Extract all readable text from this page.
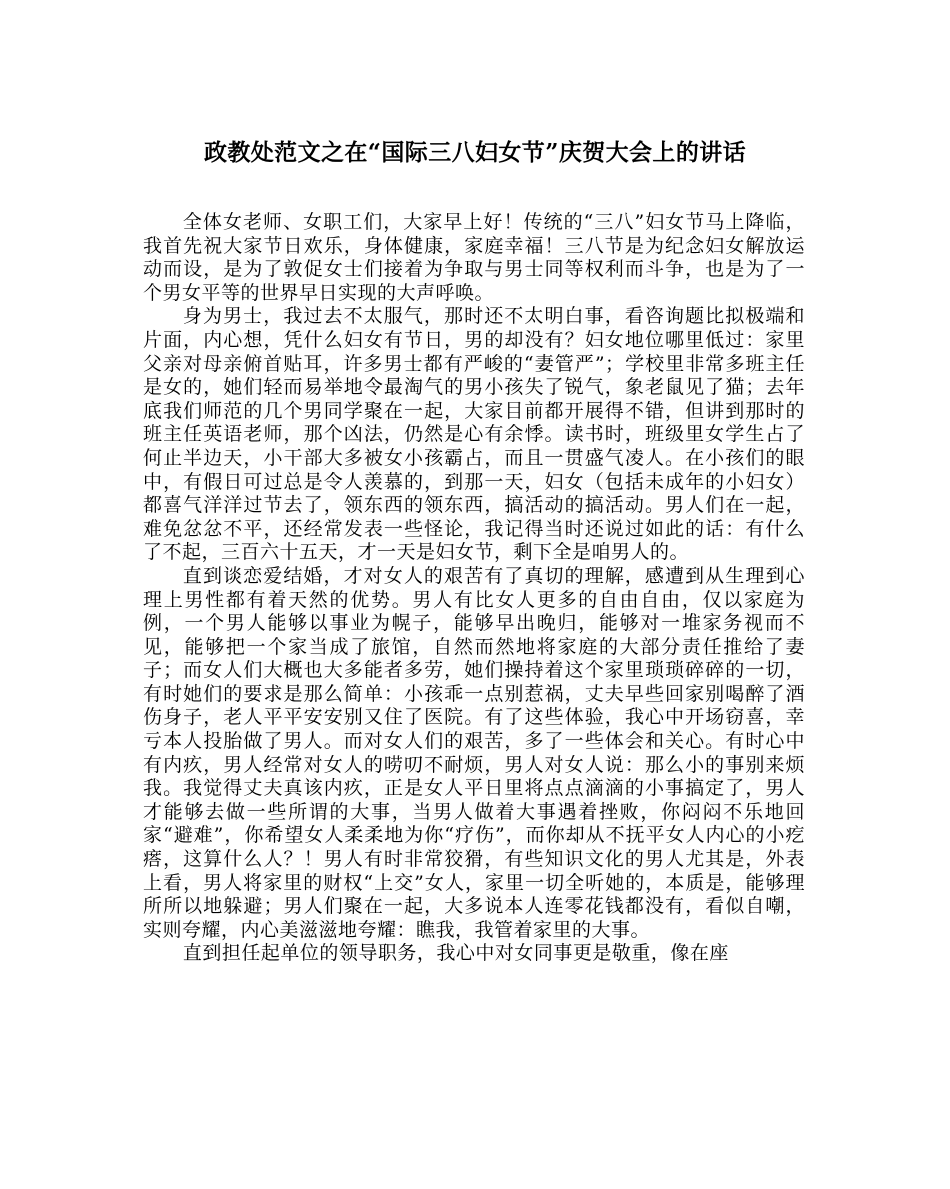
政教处范文之在“国际三八妇女节”庆贺大会上的讲话

全体女老师、女职工们，大家早上好！传统的“三八”妇女节马上降临，我首先祝大家节日欢乐，身体健康，家庭幸福！三八节是为纪念妇女解放运动而设，是为了敦促女士们接着为争取与男士同等权利而斗争，也是为了一个男女平等的世界早日实现的大声呼唤。

身为男士，我过去不太服气，那时还不太明白事，看咨询题比拟极端和片面，内心想，凭什么妇女有节日，男的却没有？妇女地位哪里低过：家里父亲对母亲俯首贴耳，许多男士都有严峻的“妻管严”；学校里非常多班主任是女的，她们轻而易举地令最淘气的男小孩失了锐气，象老鼠见了猫；去年底我们师范的几个男同学聚在一起，大家目前都开展得不错，但讲到那时的班主任英语老师，那个凶法，仍然是心有余悸。读书时，班级里女学生占了何止半边天，小干部大多被女小孩霸占，而且一贯盛气凌人。在小孩们的眼中，有假日可过总是令人羡慕的，到那一天，妇女（包括未成年的小妇女）都喜气洋洋过节去了，领东西的领东西，搞活动的搞活动。男人们在一起，难免忿忿不平，还经常发表一些怪论，我记得当时还说过如此的话：有什么了不起，三百六十五天，才一天是妇女节，剩下全是咱男人的。

直到谈恋爱结婚，才对女人的艰苦有了真切的理解，感遭到从生理到心理上男性都有着天然的优势。男人有比女人更多的自由自由，仅以家庭为例，一个男人能够以事业为幌子，能够早出晚归，能够对一堆家务视而不见，能够把一个家当成了旅馆，自然而然地将家庭的大部分责任推给了妻子；而女人们大概也大多能者多劳，她们操持着这个家里琐琐碎碎的一切，有时她们的要求是那么简单：小孩乖一点别惹祸，丈夫早些回家别喝醉了酒伤身子，老人平平安安别又住了医院。有了这些体验，我心中开场窃喜，幸亏本人投胎做了男人。而对女人们的艰苦，多了一些体会和关心。有时心中有内疚，男人经常对女人的唠叨不耐烦，男人对女人说：那么小的事别来烦我。我觉得丈夫真该内疚，正是女人平日里将点点滴滴的小事搞定了，男人才能够去做一些所谓的大事，当男人做着大事遇着挫败，你闷闷不乐地回家“避难”，你希望女人柔柔地为你“疗伤”，而你却从不抚平女人内心的小疙瘩，这算什么人？！男人有时非常狡猾，有些知识文化的男人尤其是，外表上看，男人将家里的财权“上交”女人，家里一切全听她的，本质是，能够理所所以地躲避；男人们聚在一起，大多说本人连零花钱都没有，看似自嘲，实则夸耀，内心美滋滋地夸耀：瞧我，我管着家里的大事。

直到担任起单位的领导职务，我心中对女同事更是敬重，像在座
